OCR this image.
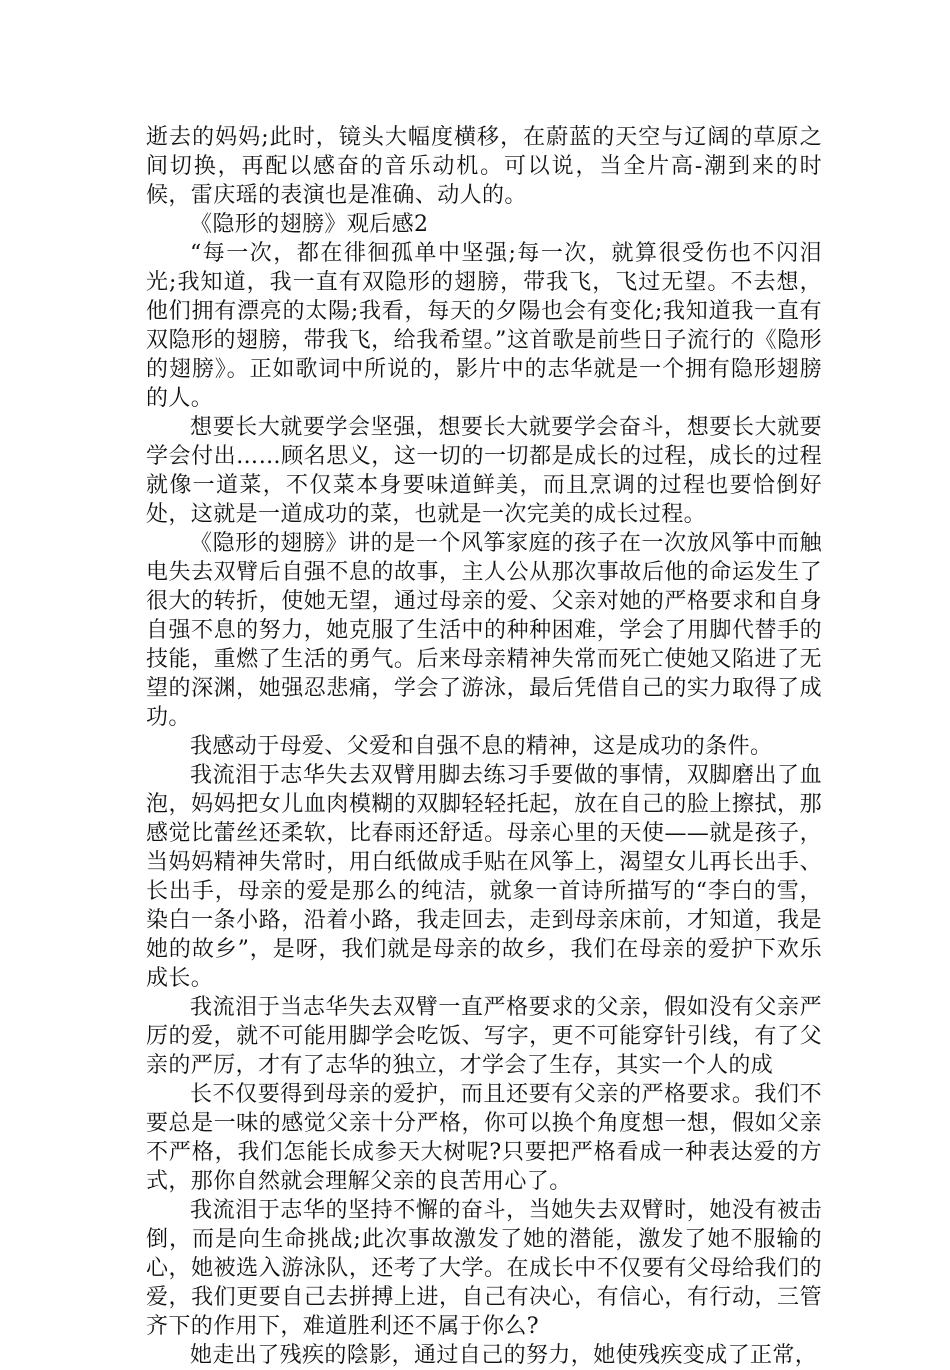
逝去的妈妈;此时，镜头大幅度横移，在蔚蓝的天空与辽阔的草原之间切换，再配以感奋的音乐动机。可以说，当全片高-潮到来的时候，雷庆瑶的表演也是准确、动人的。

《隐形的翅膀》观后感2

“每一次，都在徘徊孤单中坚强;每一次，就算很受伤也不闪泪光;我知道，我一直有双隐形的翅膀，带我飞，飞过无望。不去想，他们拥有漂亮的太陽;我看，每天的夕陽也会有变化;我知道我一直有双隐形的翅膀，带我飞，给我希望。”这首歌是前些日子流行的《隐形的翅膀》。正如歌词中所说的，影片中的志华就是一个拥有隐形翅膀的人。

想要长大就要学会坚强，想要长大就要学会奋斗，想要长大就要学会付出……顾名思义，这一切的一切都是成长的过程，成长的过程就像一道菜，不仅菜本身要味道鲜美，而且烹调的过程也要恰倒好处，这就是一道成功的菜，也就是一次完美的成长过程。

《隐形的翅膀》讲的是一个风筝家庭的孩子在一次放风筝中而触电失去双臂后自强不息的故事，主人公从那次事故后他的命运发生了很大的转折，使她无望，通过母亲的爱、父亲对她的严格要求和自身自强不息的努力，她克服了生活中的种种困难，学会了用脚代替手的技能，重燃了生活的勇气。后来母亲精神失常而死亡使她又陷进了无望的深渊，她强忍悲痛，学会了游泳，最后凭借自己的实力取得了成功。

我感动于母爱、父爱和自强不息的精神，这是成功的条件。

我流泪于志华失去双臂用脚去练习手要做的事情，双脚磨出了血泡，妈妈把女儿血肉模糊的双脚轻轻托起，放在自己的脸上擦拭，那感觉比蕾丝还柔软，比春雨还舒适。母亲心里的天使——就是孩子，当妈妈精神失常时，用白纸做成手贴在风筝上，渴望女儿再长出手、长出手，母亲的爱是那么的纯洁，就象一首诗所描写的“李白的雪，染白一条小路，沿着小路，我走回去，走到母亲床前，才知道，我是她的故乡”，是呀，我们就是母亲的故乡，我们在母亲的爱护下欢乐成长。

我流泪于当志华失去双臂一直严格要求的父亲，假如没有父亲严厉的爱，就不可能用脚学会吃饭、写字，更不可能穿针引线，有了父亲的严厉，才有了志华的独立，才学会了生存，其实一个人的成

长不仅要得到母亲的爱护，而且还要有父亲的严格要求。我们不要总是一味的感觉父亲十分严格，你可以换个角度想一想，假如父亲不严格，我们怎能长成参天大树呢?只要把严格看成一种表达爱的方式，那你自然就会理解父亲的良苦用心了。

我流泪于志华的坚持不懈的奋斗，当她失去双臂时，她没有被击倒，而是向生命挑战;此次事故激发了她的潜能，激发了她不服输的心，她被选入游泳队，还考了大学。在成长中不仅要有父母给我们的爱，我们更要自己去拼搏上进，自己有决心，有信心，有行动，三管齐下的作用下，难道胜利还不属于你么?

她走出了残疾的陰影，通过自己的努力，她使残疾变成了正常，
